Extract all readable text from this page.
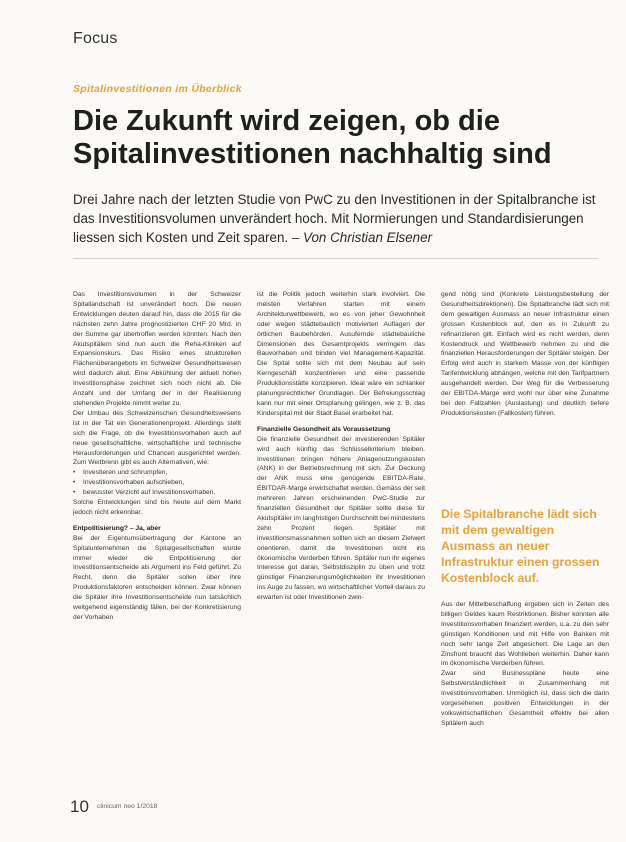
Focus
Spitalinvestitionen im Überblick
Die Zukunft wird zeigen, ob die Spitalinvestitionen nachhaltig sind
Drei Jahre nach der letzten Studie von PwC zu den Investitionen in der Spitalbranche ist das Investitionsvolumen unverändert hoch. Mit Normierungen und Standardisierungen liessen sich Kosten und Zeit sparen. – Von Christian Elsener

Das Investitionsvolumen in der Schweizer Spitallandschaft ist unverändert hoch. Die neuen Entwicklungen deuten darauf hin, dass die 2015 für die nächsten zehn Jahre prognostizierten CHF 20 Mrd. in der Summe gar übertroffen werden könnten. Nach den Akutspitälern sind nun auch die Reha-Kliniken auf Expansionskurs. Das Risiko eines strukturellen Flächenüberangebots im Schweizer Gesundheitswesen wird dadurch akut. Eine Abkühlung der aktuell hohen Investitionsphase zeichnet sich noch nicht ab. Die Anzahl und der Umfang der in der Realisierung stehenden Projekte nimmt weiter zu.

Der Umbau des Schweizerischen Gesundheitswesens ist in der Tat ein Generationenprojekt. Allerdings stellt sich die Frage, ob die Investitionsvorhaben auch auf neue gesellschaftliche, wirtschaftliche und technische Herausforderungen und Chancen ausgerichtet werden. Zum Weitbrenn gibt es auch Alternativen, wie:

• Investieren und schrumpfen,
• Investitionsvorhaben aufschieben,
• bewusster Verzicht auf Investitionsvorhaben.

Solche Entwicklungen sind bis heute auf dem Markt jedoch nicht erkennbar.

Entpolitisierung? – Ja, aber

Bei der Eigentumsübertragung der Kantone an Spitalunternehmen die Spitalgesellschaften wurde immer wieder die Entpolitisierung der Investitionsentscheide als Argument ins Feld geführt. Zu Recht, denn die Spitäler sollen über ihre Produktionsfaktoren entscheiden können. Zwar können die Spitäler ihre Investitionsentscheide nun tatsächlich weitgehend eigenständig fällen, bei der Konkretisierung der Vorhaben

ist die Politik jedoch weiterhin stark involviert. Die meisten Verfahren starten mit einem Architekturwettbewerb, wo es von jeher Gewohnheit oder wegen städtebaulich motivierten Auflagen der örtlichen Baubehörden. Ausufernde städtebauliche Dimensionen des Gesamtprojekts verringern das Bauvorhaben und binden viel Management-Kapazität. Die Spital sollte sich mit dem Neubau auf sein Kerngeschäft konzentrieren und eine passende Produktionsstätte konzipieren. Ideal wäre ein schlanker planungsrechtlicher Grundlagen. Der Befreiungsschlag kann nur mit einer Ortsplanung gelingen, wie z. B. das Kinderspital mit der Stadt Basel erarbeitet hat.

Finanzielle Gesundheit als Voraussetzung

Die finanzielle Gesundheit der investierenden Spitäler wird auch künftig das Schlüsselkriterium bleiben. Investitionen bringen höhere Anlagenutzungskosten (ANK) in der Betriebsrechnung mit sich. Zur Deckung der ANK muss eine genügende EBITDA-Rate, EBITDAR-Marge erwirtschaftet werden. Gemäss der seit mehreren Jahren erscheinenden PwC-Studie zur finanziellen Gesundheit der Spitäler sollte diese für Akutspitäler im langfristigen Durchschnitt bei mindestens zehn Prozent liegen. Spitäler mit investitionsmassnahmen sollten sich an diesem Zielwert orientieren, damit die Investitionen nicht ins ökonomische Verderben führen. Spitäler nun ihr eigenes Interesse gut daran, Selbstdisziplin zu üben und trotz günstiger Finanzierungsmöglichkeiten ihr Investitionen ins Auge zu fassen, wo wirtschaftlicher Vorteil daraus zu erwarten ist oder Investitionen zwin-

gend nötig sind (Konkrete Leistungsbestellung der Gesundheitsdirektionen). Die Spitalbranche lädt sich mit dem gewaltigen Ausmass an neuer Infrastruktur einen grossen Kostenblock auf, den es in Zukunft zu refinanzieren gilt. Einfach wird es nicht werden, denn Kostendruck und Wettbewerb nehmen zu und die finanziellen Herausforderungen der Spitäler steigen. Der Erfolg wird auch in starkem Masse von der künftigen Tarifentwicklung abhängen, welche mit den Tarifpartnern ausgehandelt werden. Der Weg für die Verbesserung der EBITDA-Marge wird wohl nur über eine Zunahme bei den Fallzahlen (Auslastung) und deutlich tiefere Produktionskosten (Fallkosten) führen.

Die Spitalbranche lädt sich mit dem gewaltigen Ausmass an neuer Infrastruktur einen grossen Kostenblock auf.

Aus der Mittelbeschaffung ergeben sich in Zeiten des billigen Geldes kaum Restriktionen. Bisher konnten alle Investitionsvorhaben finanziert werden, u.a. zu den sehr günstigen Konditionen und mit Hilfe von Banken mit noch sehr lange Zeit abgesichert. Die Lage an den Zinsfront braucht das Wohlleben weiterhin. Daher kann im ökonomische Verderben führen.

Zwar sind Businesspläne heute eine Selbstverständlichkeit in Zusammenhang mit Investitionsvorhaben. Unmöglich ist, dass sich die darin vorgesehenen positiven Entwicklungen in der volkswirtschaftlichen Gesamtheit effektiv bei allen Spitälern auch

10 clinicum neo 1/2018
